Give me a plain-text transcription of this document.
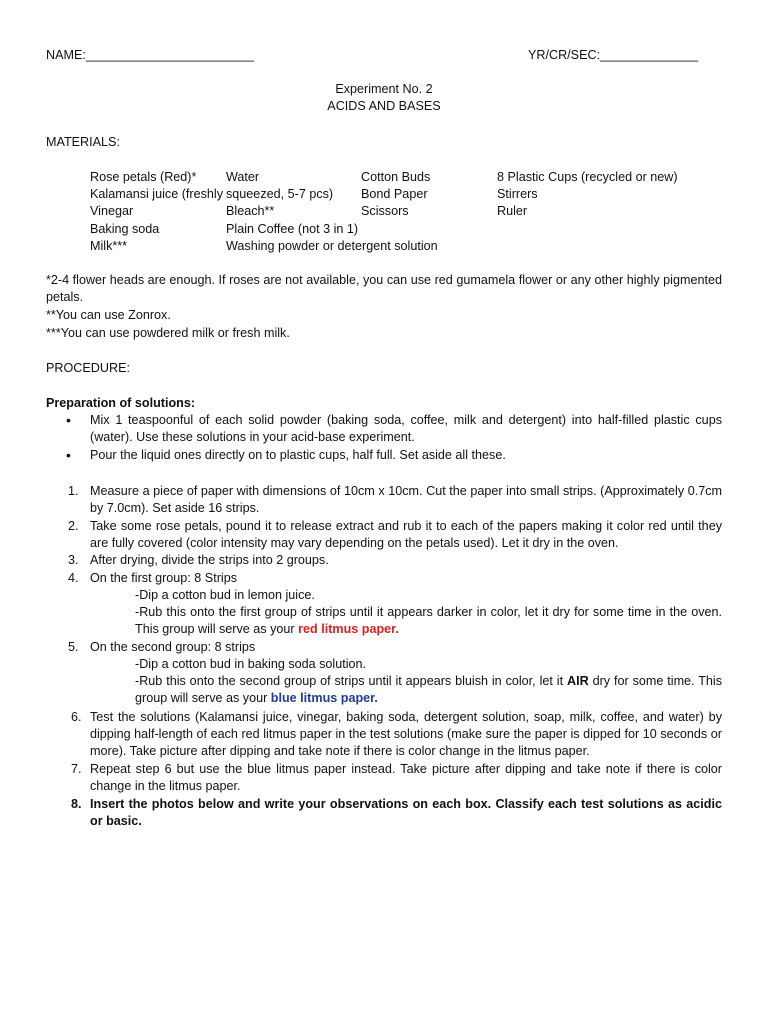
NAME:________________________	YR/CR/SEC:______________
Experiment No. 2
ACIDS AND BASES
MATERIALS:
Rose petals (Red)*
Kalamansi juice (freshly
Vinegar
Baking soda
Milk***
Water
squeezed, 5-7 pcs)
Bleach**
Plain Coffee (not 3 in 1)
Washing powder or detergent solution
Cotton Buds
Bond Paper
Scissors
8 Plastic Cups (recycled or new)
Stirrers
Ruler
*2-4 flower heads are enough. If roses are not available, you can use red gumamela flower or any other highly pigmented petals.
**You can use Zonrox.
***You can use powdered milk or fresh milk.
PROCEDURE:
Preparation of solutions:
• Mix 1 teaspoonful of each solid powder (baking soda, coffee, milk and detergent) into half-filled plastic cups (water). Use these solutions in your acid-base experiment.
• Pour the liquid ones directly on to plastic cups, half full. Set aside all these.
1. Measure a piece of paper with dimensions of 10cm x 10cm. Cut the paper into small strips. (Approximately 0.7cm by 7.0cm). Set aside 16 strips.
2. Take some rose petals, pound it to release extract and rub it to each of the papers making it color red until they are fully covered (color intensity may vary depending on the petals used). Let it dry in the oven.
3. After drying, divide the strips into 2 groups.
4. On the first group: 8 Strips
-Dip a cotton bud in lemon juice.
-Rub this onto the first group of strips until it appears darker in color, let it dry for some time in the oven. This group will serve as your red litmus paper.
5. On the second group: 8 strips
-Dip a cotton bud in baking soda solution.
-Rub this onto the second group of strips until it appears bluish in color, let it AIR dry for some time. This group will serve as your blue litmus paper.
6. Test the solutions (Kalamansi juice, vinegar, baking soda, detergent solution, soap, milk, coffee, and water) by dipping half-length of each red litmus paper in the test solutions (make sure the paper is dipped for 10 seconds or more). Take picture after dipping and take note if there is color change in the litmus paper.
7. Repeat step 6 but use the blue litmus paper instead. Take picture after dipping and take note if there is color change in the litmus paper.
8. Insert the photos below and write your observations on each box. Classify each test solutions as acidic or basic.
